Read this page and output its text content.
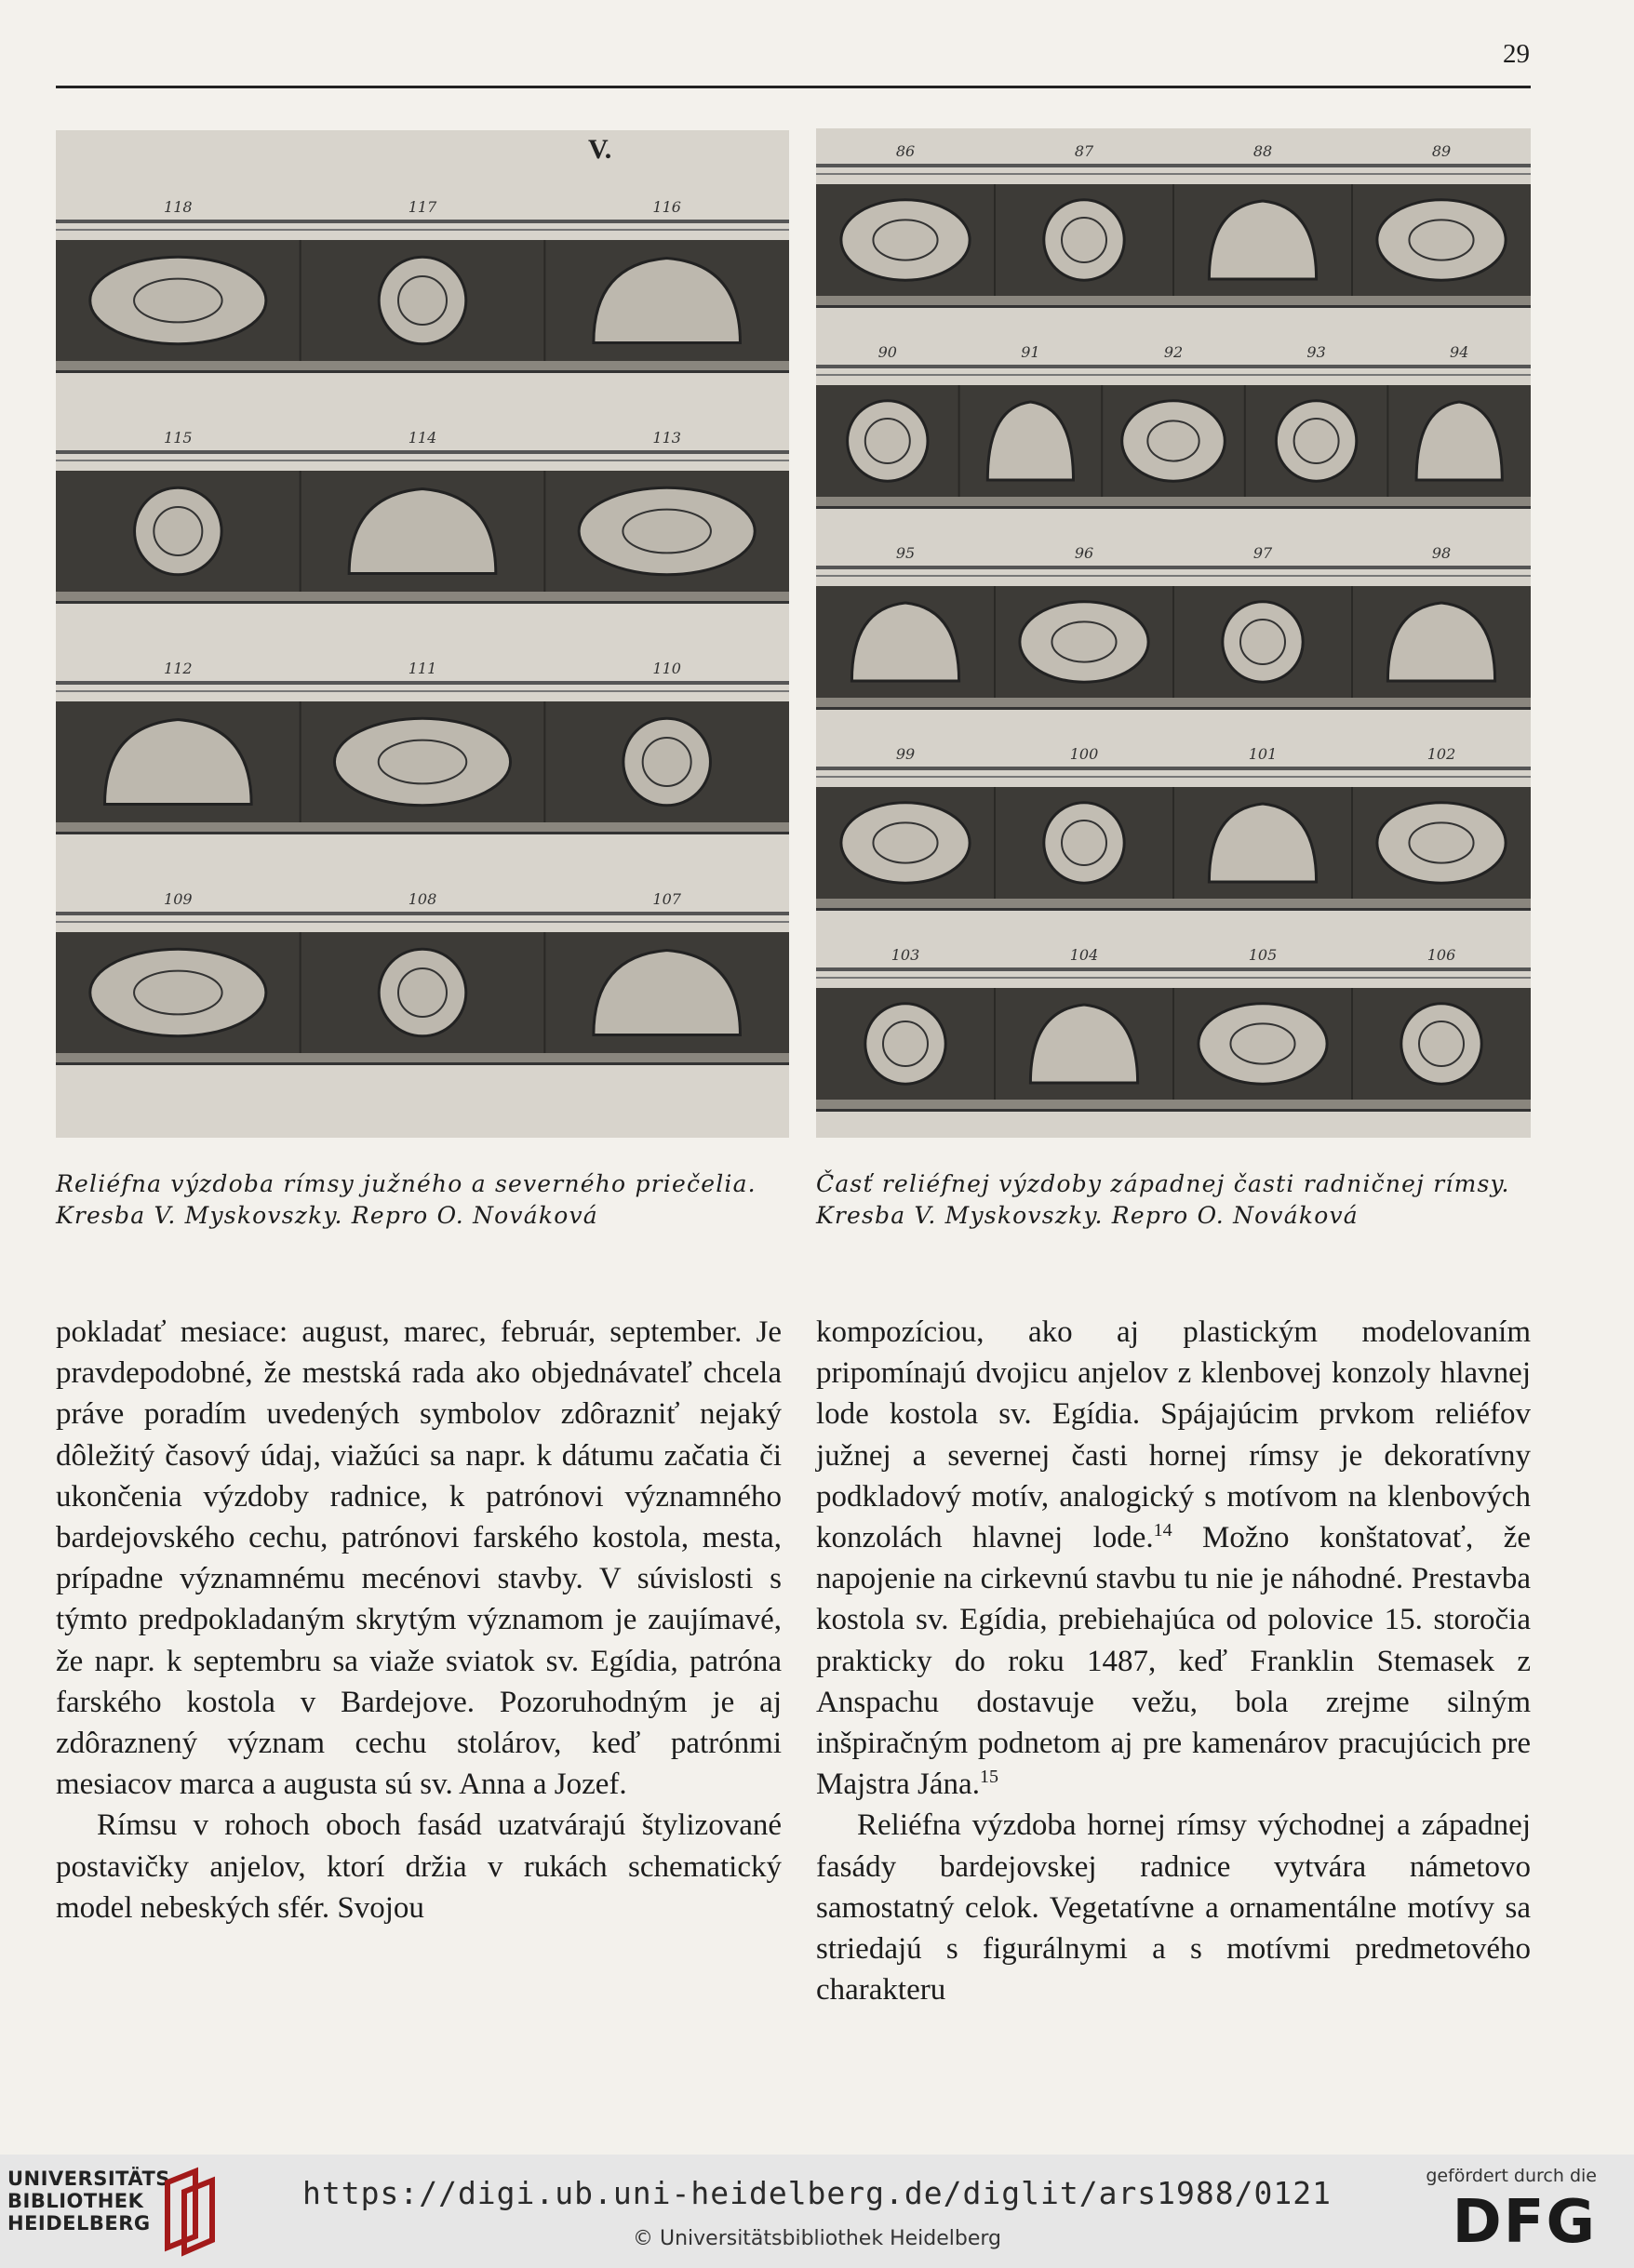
29
V.
118	117	116
115	114	113
112	111	110
109	108	107
86	87	88	89
90	91	92	93	94
95	96	97	98
99	100	101	102
103	104	105	106
Reliéfna výzdoba rímsy južného a severného priečelia.
Kresba V. Myskovszky. Repro O. Nováková
Časť reliéfnej výzdoby západnej časti radničnej rímsy.
Kresba V. Myskovszky. Repro O. Nováková

pokladať mesiace: august, marec, február, september. Je pravdepodobné, že mestská rada ako objednávateľ chcela práve poradím uvedených symbolov zdôrazniť nejaký dôležitý časový údaj, viažúci sa napr. k dátumu začatia či ukončenia výzdoby radnice, k patrónovi významného bardejovského cechu, patrónovi farského kostola, mesta, prípadne významnému mecénovi stavby. V súvislosti s týmto predpokladaným skrytým významom je zaujímavé, že napr. k septembru sa viaže sviatok sv. Egídia, patróna farského kostola v Bardejove. Pozoruhodným je aj zdôraznený význam cechu stolárov, keď patrónmi mesiacov marca a augusta sú sv. Anna a Jozef.

Rímsu v rohoch oboch fasád uzatvárajú štylizované postavičky anjelov, ktorí držia v rukách schematický model nebeských sfér. Svojou

kompozíciou, ako aj plastickým modelovaním pripomínajú dvojicu anjelov z klenbovej konzoly hlavnej lode kostola sv. Egídia. Spájajúcim prvkom reliéfov južnej a severnej časti hornej rímsy je dekoratívny podkladový motív, analogický s motívom na klenbových konzolách hlavnej lode.$^{14}$ Možno konštatovať, že napojenie na cirkevnú stavbu tu nie je náhodné. Prestavba kostola sv. Egídia, prebiehajúca od polovice 15. storočia prakticky do roku 1487, keď Franklin Stemasek z Anspachu dostavuje vežu, bola zrejme silným inšpiračným podnetom aj pre kamenárov pracujúcich pre Majstra Jána.$^{15}$

Reliéfna výzdoba hornej rímsy východnej a západnej fasády bardejovskej radnice vytvára námetovo samostatný celok. Vegetatívne a ornamentálne motívy sa striedajú s figurálnymi a s motívmi predmetového charakteru

UNIVERSITÄTS-
BIBLIOTHEK
HEIDELBERG
https://digi.ub.uni-heidelberg.de/diglit/ars1988/0121
© Universitätsbibliothek Heidelberg
gefördert durch die
DFG
